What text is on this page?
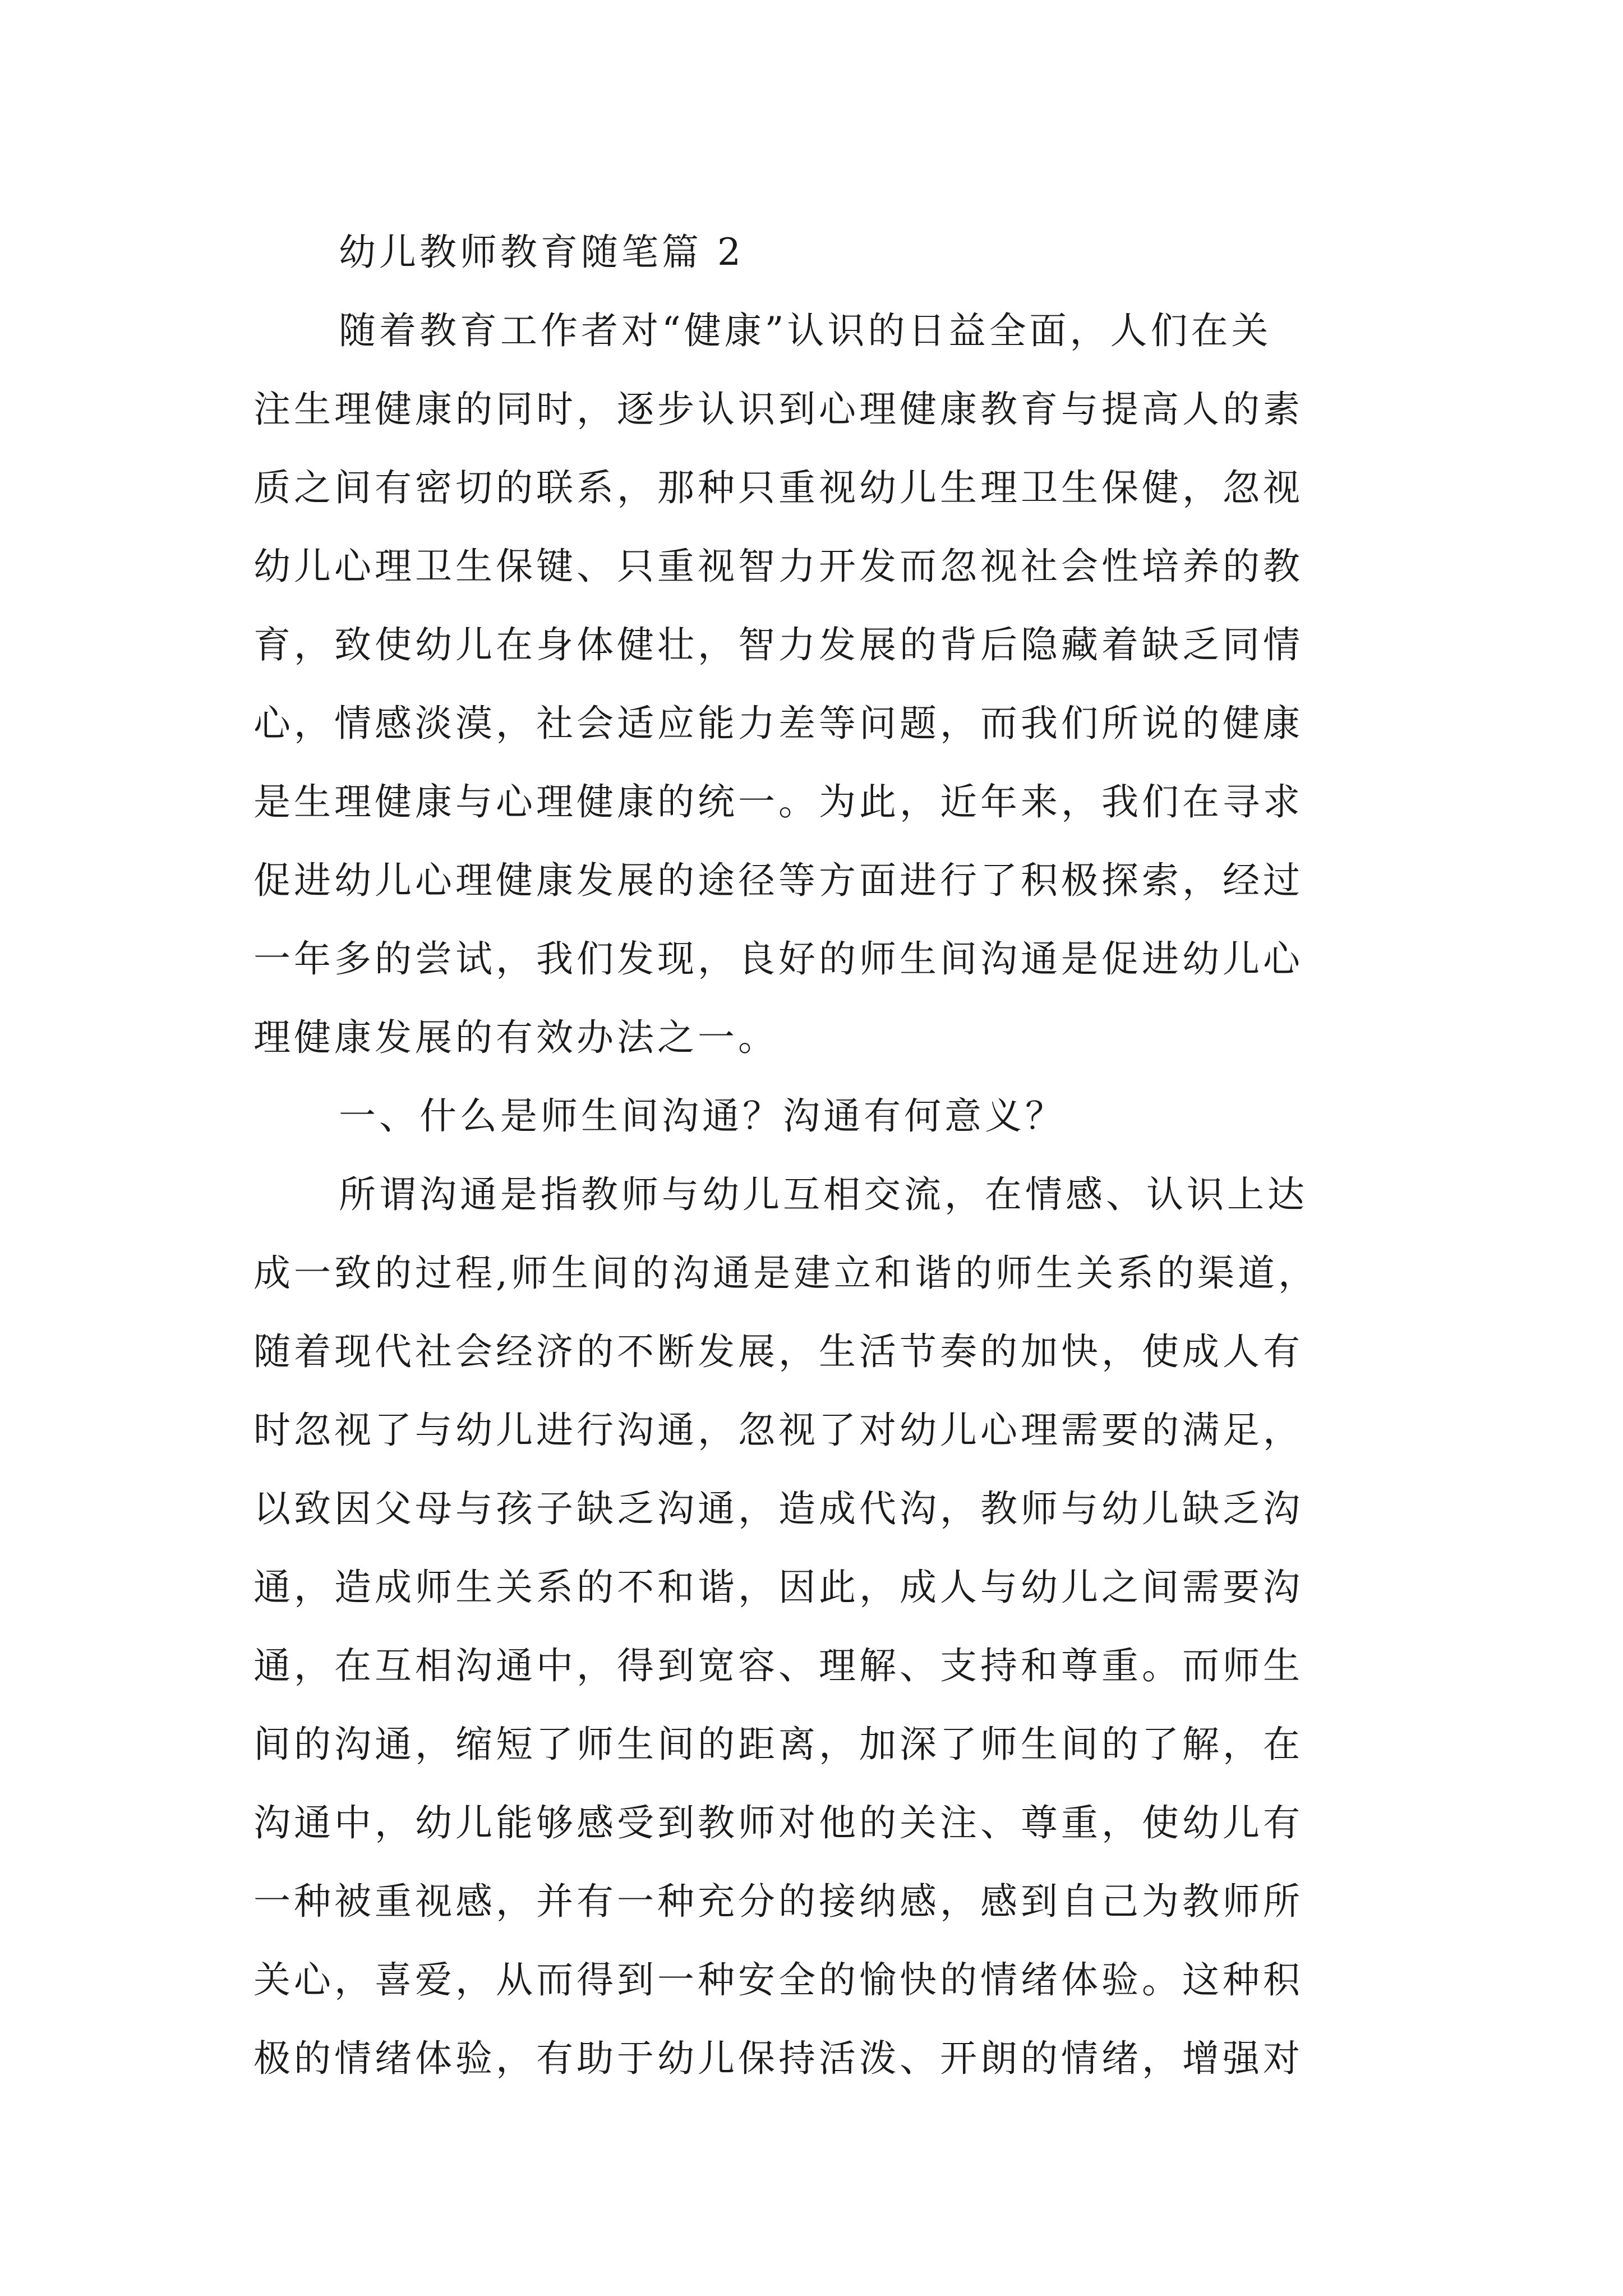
幼儿教师教育随笔篇 2
随着教育工作者对“健康”认识的日益全面，人们在关
注生理健康的同时，逐步认识到心理健康教育与提高人的素
质之间有密切的联系，那种只重视幼儿生理卫生保健，忽视
幼儿心理卫生保键、只重视智力开发而忽视社会性培养的教
育，致使幼儿在身体健壮，智力发展的背后隐藏着缺乏同情
心，情感淡漠，社会适应能力差等问题，而我们所说的健康
是生理健康与心理健康的统一。为此，近年来，我们在寻求
促进幼儿心理健康发展的途径等方面进行了积极探索，经过
一年多的尝试，我们发现，良好的师生间沟通是促进幼儿心
理健康发展的有效办法之一。
一、什么是师生间沟通？沟通有何意义？
所谓沟通是指教师与幼儿互相交流，在情感、认识上达
成一致的过程,师生间的沟通是建立和谐的师生关系的渠道，
随着现代社会经济的不断发展，生活节奏的加快，使成人有
时忽视了与幼儿进行沟通，忽视了对幼儿心理需要的满足，
以致因父母与孩子缺乏沟通，造成代沟，教师与幼儿缺乏沟
通，造成师生关系的不和谐，因此，成人与幼儿之间需要沟
通，在互相沟通中，得到宽容、理解、支持和尊重。而师生
间的沟通，缩短了师生间的距离，加深了师生间的了解，在
沟通中，幼儿能够感受到教师对他的关注、尊重，使幼儿有
一种被重视感，并有一种充分的接纳感，感到自己为教师所
关心，喜爱，从而得到一种安全的愉快的情绪体验。这种积
极的情绪体验，有助于幼儿保持活泼、开朗的情绪，增强对
